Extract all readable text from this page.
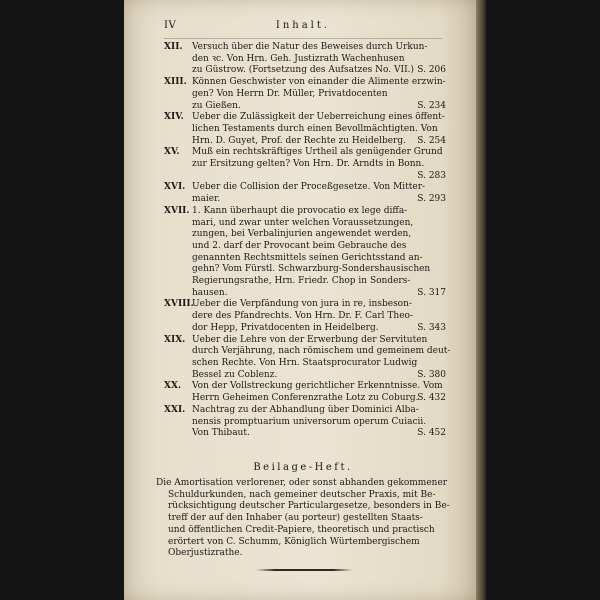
IV	Inhalt.
XII. Versuch über die Natur des Beweises durch Urkun-
den ꝛc. Von Hrn. Geh. Justizrath Wachenhusen
zu Güstrow. (Fortsetzung des Aufsatzes No. VII.) S. 206
XIII. Können Geschwister von einander die Alimente erzwin-
gen? Von Herrn Dr. Müller, Privatdocenten
zu Gießen.	S. 234
XIV. Ueber die Zulässigkeit der Ueberreichung eines öffent-
lichen Testaments durch einen Bevollmächtigten. Von
Hrn. D. Guyet, Prof. der Rechte zu Heidelberg.	S. 254
XV. Muß ein rechtskräftiges Urtheil als genügender Grund
zur Ersitzung gelten? Von Hrn. Dr. Arndts in Bonn.

S. 283
XVI. Ueber die Collision der Proceßgesetze. Von Mitter-
maier.	S. 293
XVII. 1. Kann überhaupt die provocatio ex lege diffa-
mari, und zwar unter welchen Voraussetzungen,
zungen, bei Verbalinjurien angewendet werden,
und 2. darf der Provocant beim Gebrauche des
genannten Rechtsmittels seinen Gerichtsstand an-
gehn? Vom Fürstl. Schwarzburg-Sondershausischen
Regierungsrathe, Hrn. Friedr. Chop in Sonders-
hausen.	S. 317
XVIII.
Ueber die Verpfändung von jura in re, insbeson-
dere des Pfandrechts. Von Hrn. Dr. F. Carl Theo-
dor Hepp, Privatdocenten in Heidelberg.	S. 343
XIX. Ueber die Lehre von der Erwerbung der Servituten
durch Verjährung, nach römischem und gemeinem deut-
schen Rechte. Von Hrn. Staatsprocurator Ludwig
Bessel zu Coblenz.	S. 380
XX. Von der Vollstreckung gerichtlicher Erkenntnisse. Vom
Herrn Geheimen Conferenzrathe Lotz zu Coburg.
S. 432
XXI. Nachtrag zu der Abhandlung über Dominici Alba-
nensis promptuarium universorum operum Cuiacii.
Von Thibaut.	S. 452
Beilage-Heft.
Die Amortisation verlorener, oder sonst abhanden gekommener
Schuldurkunden, nach gemeiner deutscher Praxis, mit Be-
rücksichtigung deutscher Particulargesetze, besonders in Be-
treff der auf den Inhaber (au porteur) gestellten Staats-
und öffentlichen Credit-Papiere, theoretisch und practisch
erörtert von C. Schumm, Königlich Würtembergischem
Oberjustizrathe.
